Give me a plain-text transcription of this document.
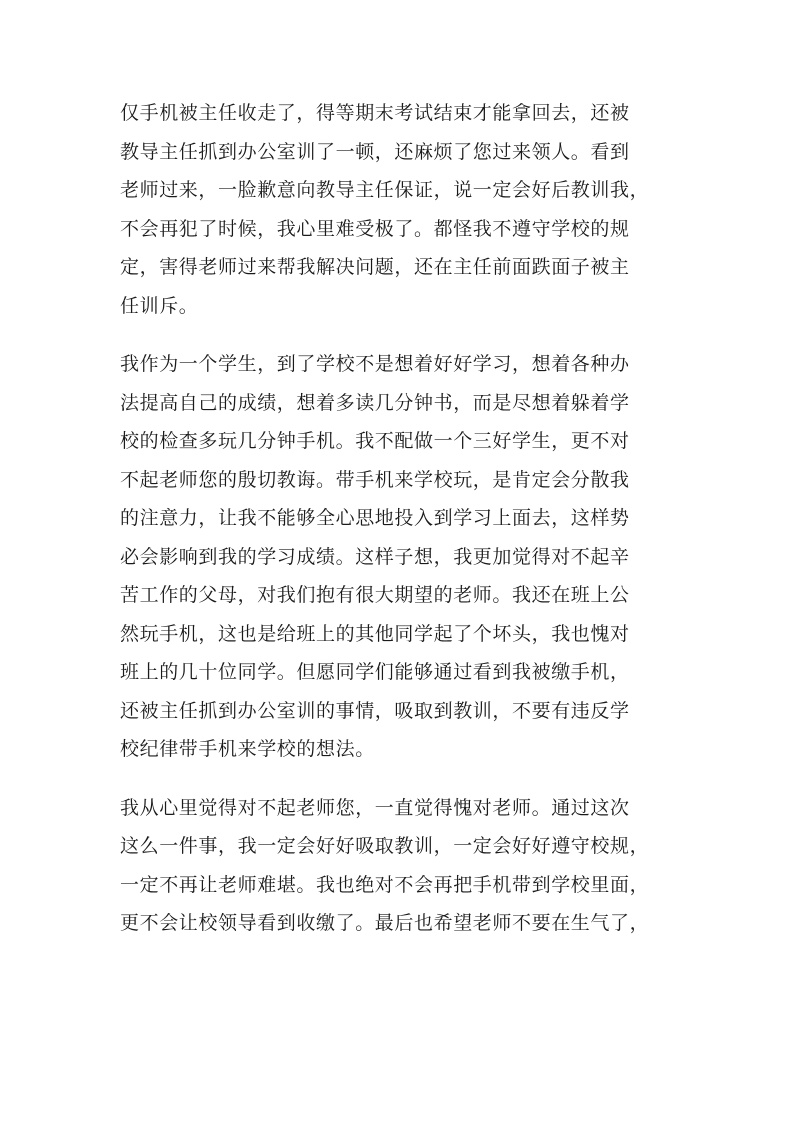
仅手机被主任收走了，得等期末考试结束才能拿回去，还被
教导主任抓到办公室训了一顿，还麻烦了您过来领人。看到
老师过来，一脸歉意向教导主任保证，说一定会好后教训我，
不会再犯了时候，我心里难受极了。都怪我不遵守学校的规
定，害得老师过来帮我解决问题，还在主任前面跌面子被主
任训斥。

我作为一个学生，到了学校不是想着好好学习，想着各种办
法提高自己的成绩，想着多读几分钟书，而是尽想着躲着学
校的检查多玩几分钟手机。我不配做一个三好学生，更不对
不起老师您的殷切教诲。带手机来学校玩，是肯定会分散我
的注意力，让我不能够全心思地投入到学习上面去，这样势
必会影响到我的学习成绩。这样子想，我更加觉得对不起辛
苦工作的父母，对我们抱有很大期望的老师。我还在班上公
然玩手机，这也是给班上的其他同学起了个坏头，我也愧对
班上的几十位同学。但愿同学们能够通过看到我被缴手机，
还被主任抓到办公室训的事情，吸取到教训，不要有违反学
校纪律带手机来学校的想法。

我从心里觉得对不起老师您，一直觉得愧对老师。通过这次
这么一件事，我一定会好好吸取教训，一定会好好遵守校规，
一定不再让老师难堪。我也绝对不会再把手机带到学校里面，
更不会让校领导看到收缴了。最后也希望老师不要在生气了，
